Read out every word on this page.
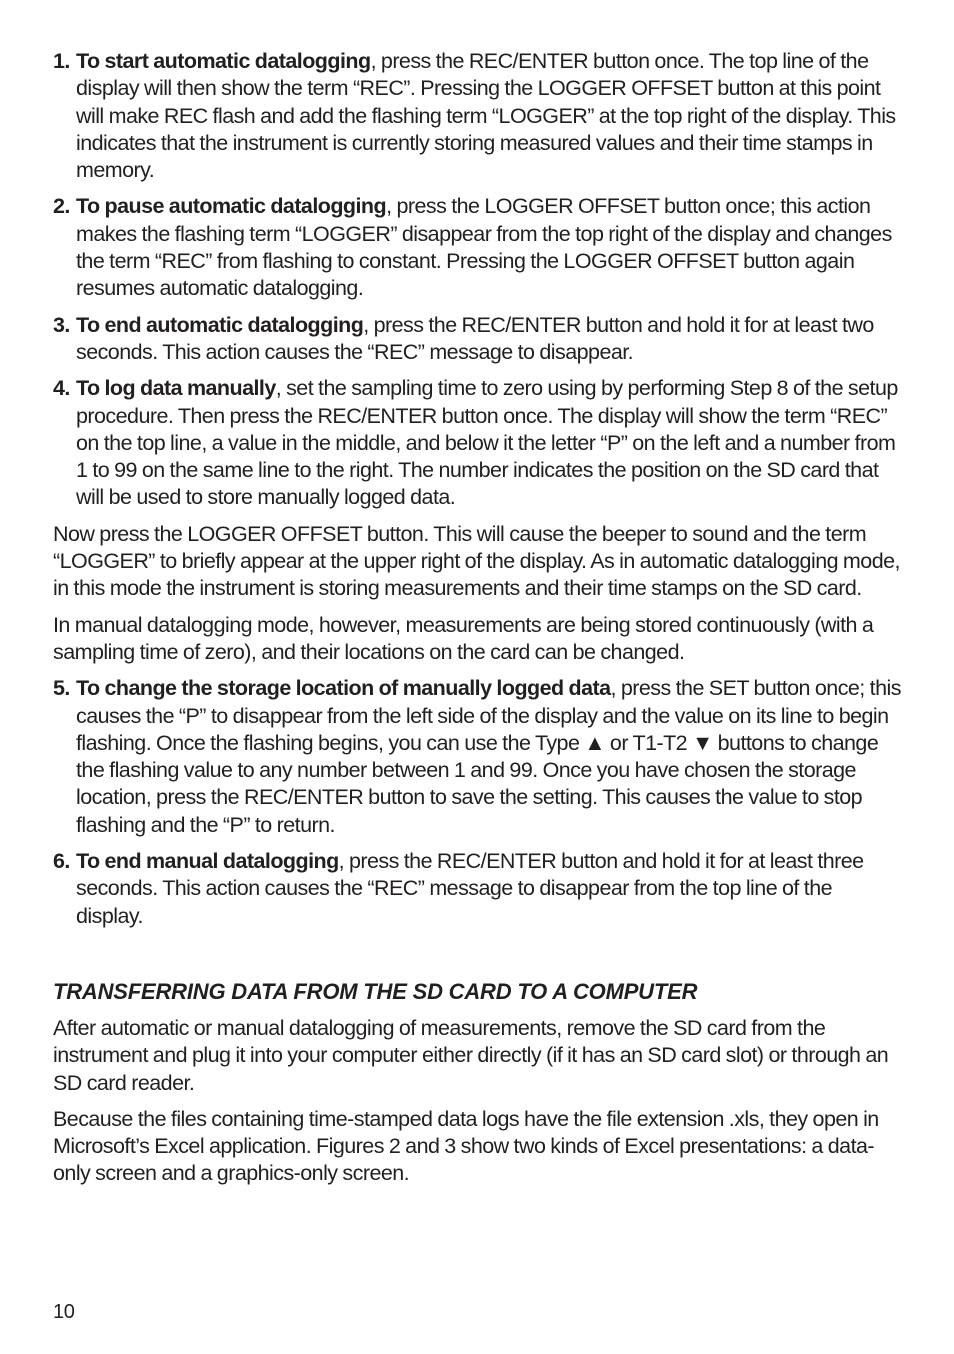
1. To start automatic datalogging, press the REC/ENTER button once. The top line of the display will then show the term “REC”. Pressing the LOGGER OFFSET button at this point will make REC flash and add the flashing term “LOGGER” at the top right of the display. This indicates that the instrument is currently storing measured values and their time stamps in memory.
2. To pause automatic datalogging, press the LOGGER OFFSET button once; this action makes the flashing term “LOGGER” disappear from the top right of the display and changes the term “REC” from flashing to constant. Pressing the LOGGER OFFSET button again resumes automatic datalogging.
3. To end automatic datalogging, press the REC/ENTER button and hold it for at least two seconds. This action causes the “REC” message to disappear.
4. To log data manually, set the sampling time to zero using by performing Step 8 of the setup procedure. Then press the REC/ENTER button once. The display will show the term “REC” on the top line, a value in the middle, and below it the letter “P” on the left and a number from 1 to 99 on the same line to the right. The number indicates the position on the SD card that will be used to store manually logged data.

Now press the LOGGER OFFSET button. This will cause the beeper to sound and the term “LOGGER” to briefly appear at the upper right of the display. As in automatic datalogging mode, in this mode the instrument is storing measurements and their time stamps on the SD card.

In manual datalogging mode, however, measurements are being stored continuously (with a sampling time of zero), and their locations on the card can be changed.

5. To change the storage location of manually logged data, press the SET button once; this causes the “P” to disappear from the left side of the display and the value on its line to begin flashing. Once the flashing begins, you can use the Type ▲ or T1-T2 ▼ buttons to change the flashing value to any number between 1 and 99. Once you have chosen the storage location, press the REC/ENTER button to save the setting. This causes the value to stop flashing and the “P” to return.
6. To end manual datalogging, press the REC/ENTER button and hold it for at least three seconds. This action causes the “REC” message to disappear from the top line of the display.
TRANSFERRING DATA FROM THE SD CARD TO A COMPUTER

After automatic or manual datalogging of measurements, remove the SD card from the instrument and plug it into your computer either directly (if it has an SD card slot) or through an SD card reader.

Because the files containing time-stamped data logs have the file extension .xls, they open in Microsoft’s Excel application. Figures 2 and 3 show two kinds of Excel presentations: a data-only screen and a graphics-only screen.

10
